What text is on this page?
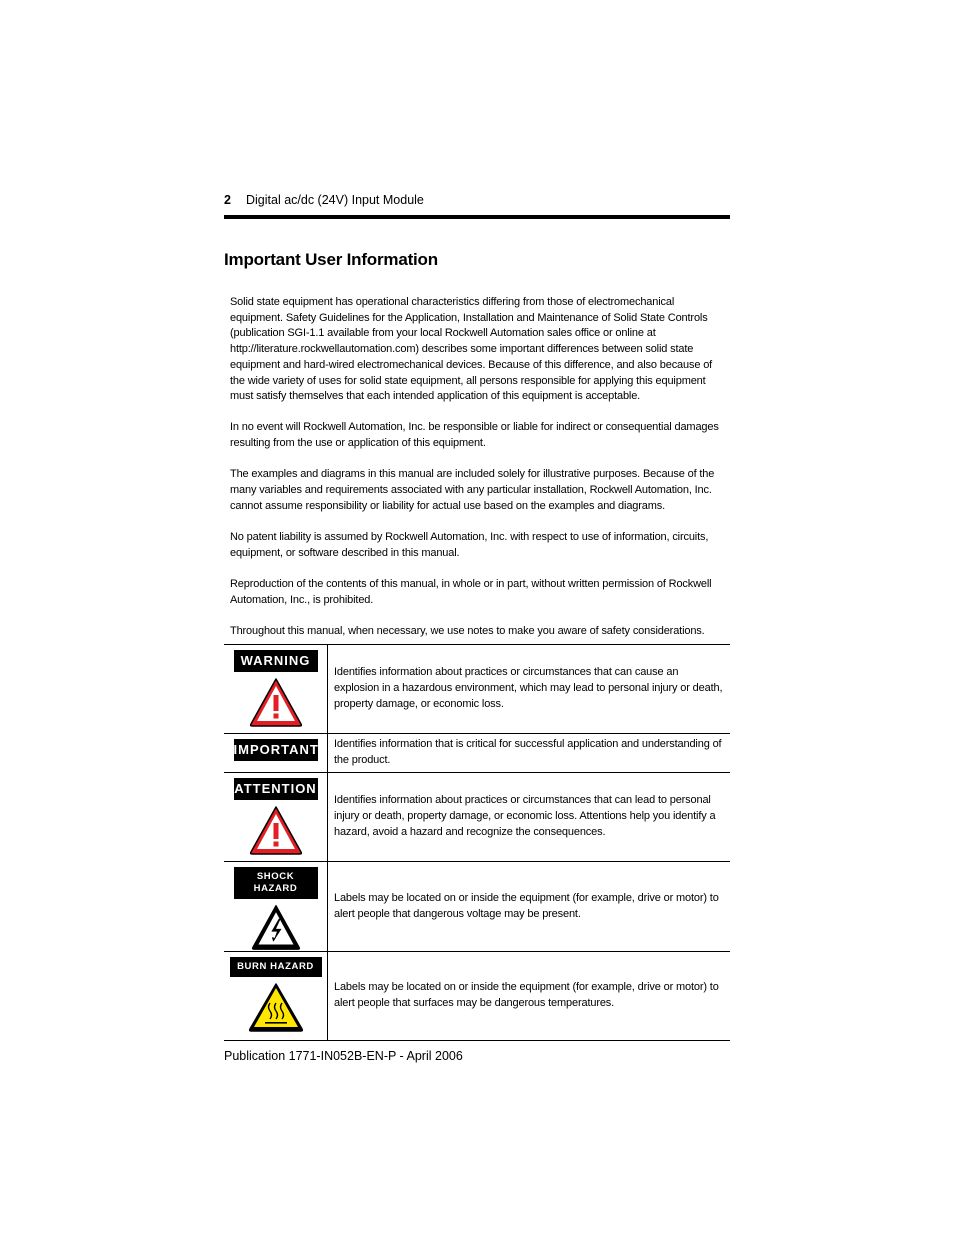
2 Digital ac/dc (24V) Input Module
Important User Information

Solid state equipment has operational characteristics differing from those of electromechanical equipment. Safety Guidelines for the Application, Installation and Maintenance of Solid State Controls (publication SGI-1.1 available from your local Rockwell Automation sales office or online at http://literature.rockwellautomation.com) describes some important differences between solid state equipment and hard-wired electromechanical devices. Because of this difference, and also because of the wide variety of uses for solid state equipment, all persons responsible for applying this equipment must satisfy themselves that each intended application of this equipment is acceptable.

In no event will Rockwell Automation, Inc. be responsible or liable for indirect or consequential damages resulting from the use or application of this equipment.

The examples and diagrams in this manual are included solely for illustrative purposes. Because of the many variables and requirements associated with any particular installation, Rockwell Automation, Inc. cannot assume responsibility or liability for actual use based on the examples and diagrams.

No patent liability is assumed by Rockwell Automation, Inc. with respect to use of information, circuits, equipment, or software described in this manual.

Reproduction of the contents of this manual, in whole or in part, without written permission of Rockwell Automation, Inc., is prohibited.

Throughout this manual, when necessary, we use notes to make you aware of safety considerations.

WARNING
Identifies information about practices or circumstances that can cause an explosion in a hazardous environment, which may lead to personal injury or death, property damage, or economic loss.
IMPORTANT	Identifies information that is critical for successful application and understanding of the product.
ATTENTION
Identifies information about practices or circumstances that can lead to personal injury or death, property damage, or economic loss. Attentions help you identify a hazard, avoid a hazard and recognize the consequences.
SHOCK HAZARD
Labels may be located on or inside the equipment (for example, drive or motor) to alert people that dangerous voltage may be present.
BURN HAZARD
Labels may be located on or inside the equipment (for example, drive or motor) to alert people that surfaces may be dangerous temperatures.
Publication 1771-IN052B-EN-P - April 2006
